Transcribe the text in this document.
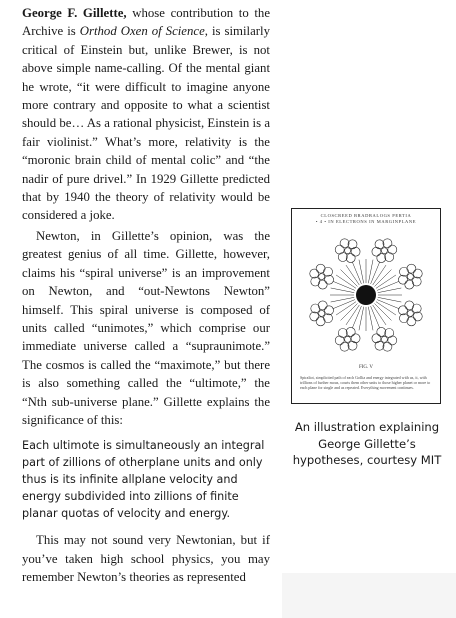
George F. Gillette, whose contribution to the Archive is Orthod Oxen of Science, is similarly critical of Einstein but, unlike Brewer, is not above simple name-calling. Of the mental giant he wrote, “it were difficult to imagine anyone more contrary and opposite to what a scientist should be… As a rational physicist, Einstein is a fair violinist.” What’s more, relativity is the “moronic brain child of mental colic” and “the nadir of pure drivel.” In 1929 Gillette predicted that by 1940 the theory of relativity would be considered a joke.

Newton, in Gillette’s opinion, was the greatest genius of all time. Gillette, however, claims his “spiral universe” is an improvement on Newton, and “out-Newtons Newton” himself. This spiral universe is composed of units called “unimotes,” which comprise our immediate universe called a “supraunimote.” The cosmos is called the “maximote,” but there is also something called the “ultimote,” the “Nth sub-universe plane.” Gillette explains the significance of this:

Each ultimote is simultaneously an integral part of zillions of otherplane units and only thus is its infinite allplane velocity and energy subdivided into zillions of finite planar quotas of velocity and energy.

This may not sound very Newtonian, but if you’ve taken high school physics, you may remember Newton’s theories as represented

CLOSCREED BRADBALOGS PERTIA
• 4 • IN ELECTRONS IN MARGINPLANE
FIG. V
Spiraliot, simplicited path of each Gollia and energy integrated with us, it, with trillions of further mous, courts them other units to those higher planet or more to each plane for single and as repeated. Everything movement continues.
An illustration explaining George Gillette’s hypotheses, courtesy MIT
